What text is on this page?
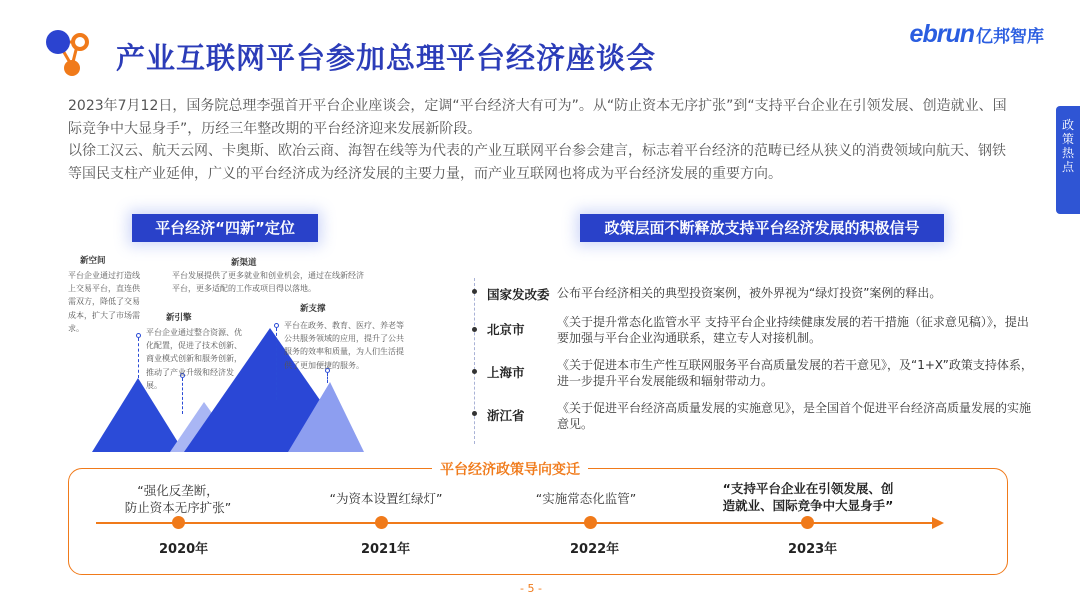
产业互联网平台参加总理平台经济座谈会
ebrun 亿邦智库
政
策
热
点

2023年7月12日，国务院总理李强首开平台企业座谈会，定调“平台经济大有可为”。从“防止资本无序扩张”到“支持平台企业在引领发展、创造就业、国际竞争中大显身手”，历经三年整改期的平台经济迎来发展新阶段。

以徐工汉云、航天云网、卡奥斯、欧冶云商、海智在线等为代表的产业互联网平台参会建言，标志着平台经济的范畴已经从狭义的消费领域向航天、钢铁等国民支柱产业延伸，广义的平台经济成为经济发展的主要力量，而产业互联网也将成为平台经济发展的重要方向。

平台经济“四新”定位
新空间
平台企业通过打造线上交易平台，直连供需双方，降低了交易成本，扩大了市场需求。
新渠道
平台发展提供了更多就业和创业机会，通过在线新经济平台，更多适配的工作或项目得以落地。
新引擎
平台企业通过整合资源、优化配置，促进了技术创新、商业模式创新和服务创新，推动了产业升级和经济发展。
新支撑
平台在政务、教育、医疗、养老等公共服务领域的应用，提升了公共服务的效率和质量，为人们生活提供了更加便捷的服务。
政策层面不断释放支持平台经济发展的积极信号
国家发改委 公布平台经济相关的典型投资案例，被外界视为“绿灯投资”案例的释出。
北京市	《关于提升常态化监管水平 支持平台企业持续健康发展的若干措施（征求意见稿）》，提出要加强与平台企业沟通联系，建立专人对接机制。
上海市	《关于促进本市生产性互联网服务平台高质量发展的若干意见》，及“1+X”政策支持体系，进一步提升平台发展能级和辐射带动力。
浙江省	《关于促进平台经济高质量发展的实施意见》，是全国首个促进平台经济高质量发展的实施意见。
平台经济政策导向变迁
“强化反垄断，
防止资本无序扩张”
“为资本设置红绿灯”	“实施常态化监管”
“支持平台企业在引领发展、创
造就业、国际竞争中大显身手”
2020年	2021年	2022年	2023年
- 5 -
